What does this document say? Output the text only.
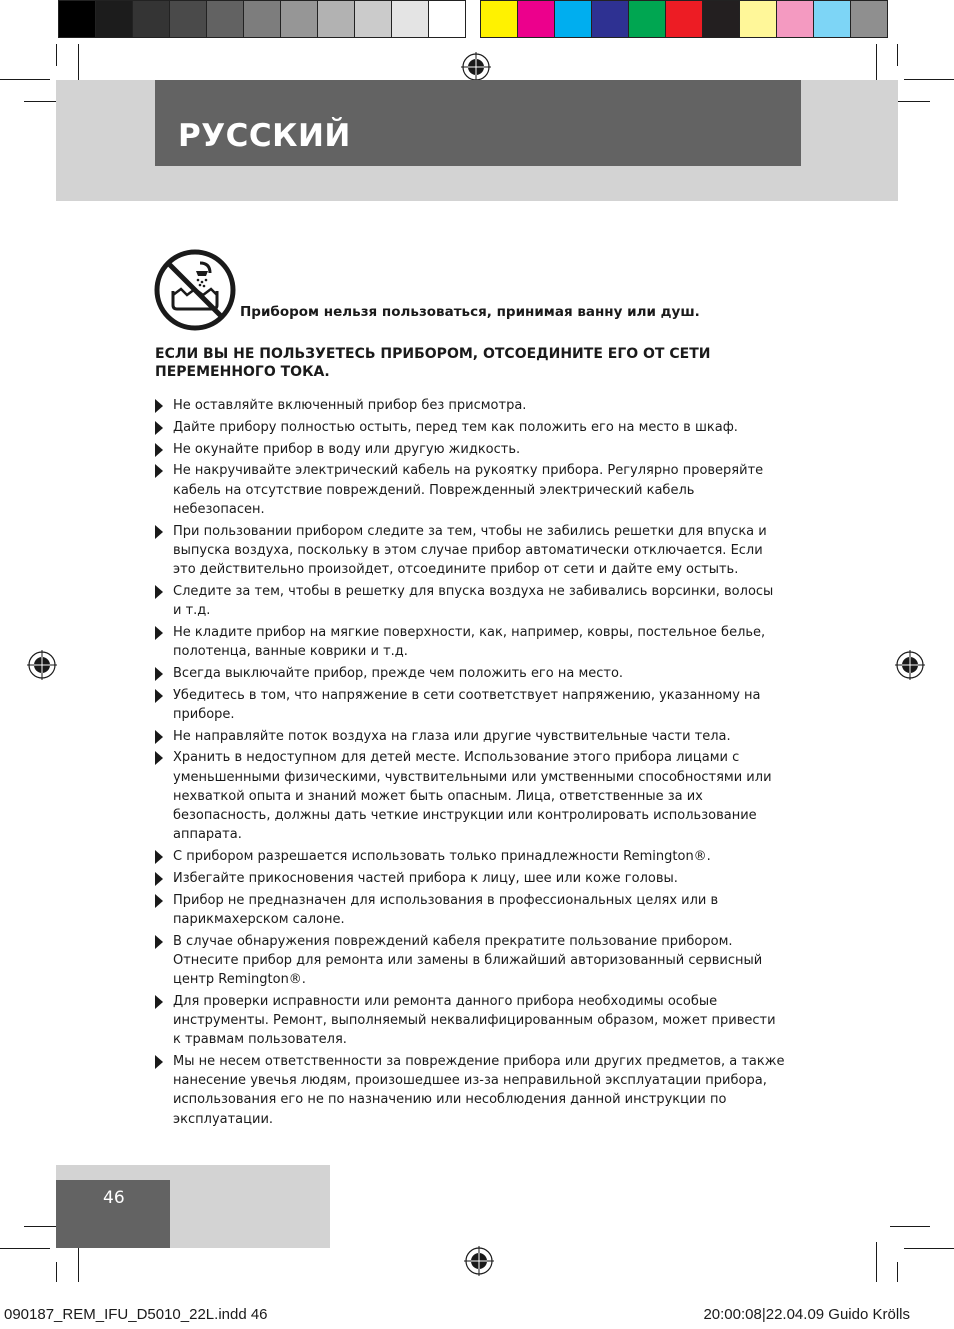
РУССКИЙ
Прибором нельзя пользоваться, принимая ванну или душ.

ЕСЛИ ВЫ НЕ ПОЛЬЗУЕТЕСЬ ПРИБОРОМ, ОТСОЕДИНИТЕ ЕГО ОТ СЕТИ ПЕРЕМЕННОГО ТОКА.

Не оставляйте включенный прибор без присмотра.
Дайте прибору полностью остыть, перед тем как положить его на место в шкаф.
Не окунайте прибор в воду или другую жидкость.
Не накручивайте электрический кабель на рукоятку прибора. Регулярно проверяйте кабель на отсутствие повреждений. Поврежденный электрический кабель небезопасен.
При пользовании прибором следите за тем, чтобы не забились решетки для впуска и выпуска воздуха, поскольку в этом случае прибор автоматически отключается. Если это действительно произойдет, отсоедините прибор от сети и дайте ему остыть.
Следите за тем, чтобы в решетку для впуска воздуха не забивались ворсинки, волосы и т.д.
Не кладите прибор на мягкие поверхности, как, например, ковры, постельное белье, полотенца, ванные коврики и т.д.
Всегда выключайте прибор, прежде чем положить его на место.
Убедитесь в том, что напряжение в сети соответствует напряжению, указанному на приборе.
Не направляйте поток воздуха на глаза или другие чувствительные части тела.
Хранить в недоступном для детей месте. Использование этого прибора лицами с уменьшенными физическими, чувствительными или умственными способностями или нехваткой опыта и знаний может быть опасным. Лица, ответственные за их безопасность, должны дать четкие инструкции или контролировать использование аппарата.
С прибором разрешается использовать только принадлежности Remington®.
Избегайте прикосновения частей прибора к лицу, шее или коже головы.
Прибор не предназначен для использования в профессиональных целях или в парикмахерском салоне.
В случае обнаружения повреждений кабеля прекратите пользование прибором. Отнесите прибор для ремонта или замены в ближайший авторизованный сервисный центр Remington®.
Для проверки исправности или ремонта данного прибора необходимы особые инструменты. Ремонт, выполняемый неквалифицированным образом, может привести к травмам пользователя.
Мы не несем ответственности за повреждение прибора или других предметов, а также нанесение увечья людям, произошедшее из-за неправильной эксплуатации прибора, использования его не по назначению или несоблюдения данной инструкции по эксплуатации.
46
090187_REM_IFU_D5010_22L.indd 46	20:00:08|22.04.09 Guido Krölls
